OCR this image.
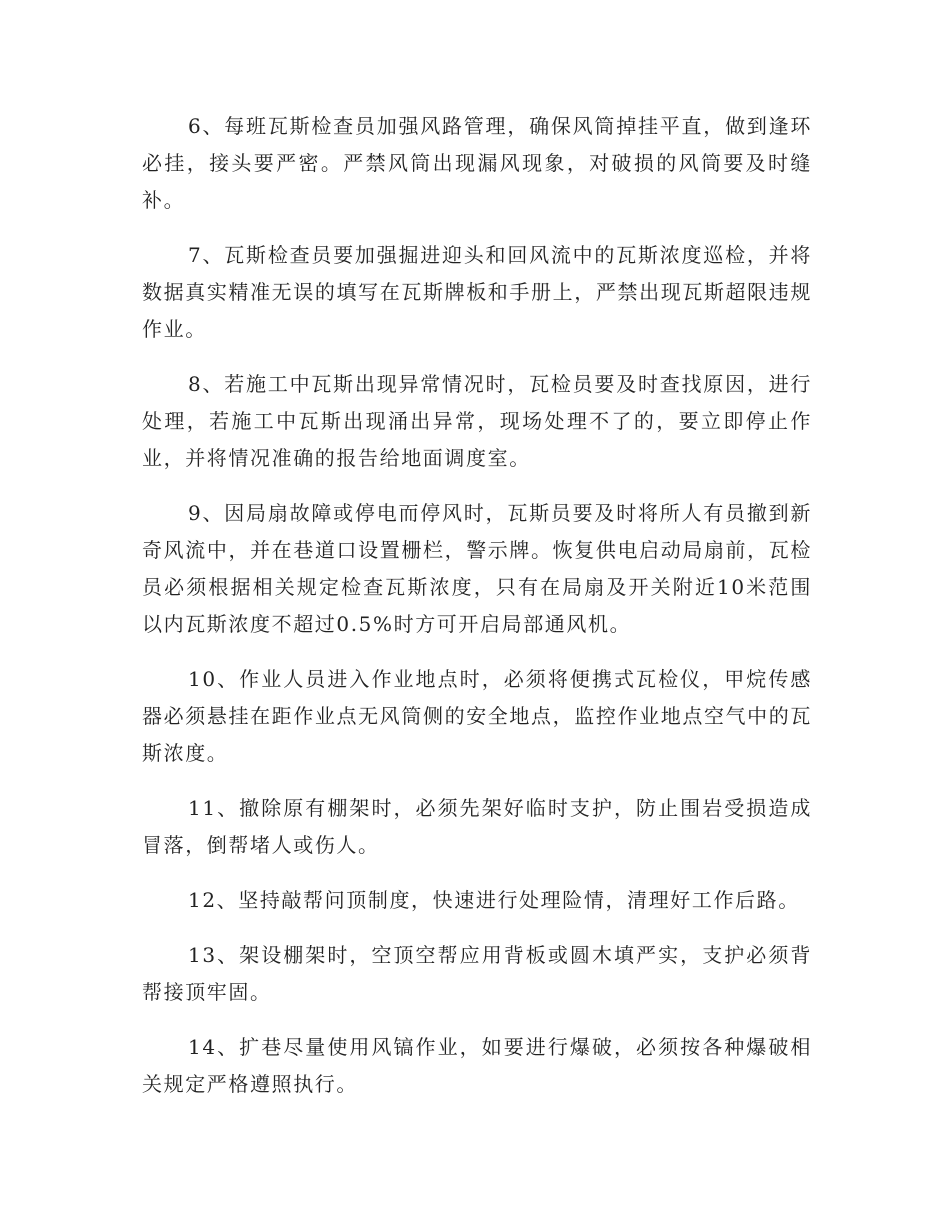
6、每班瓦斯检查员加强风路管理，确保风筒掉挂平直，做到逢环必挂，接头要严密。严禁风筒出现漏风现象，对破损的风筒要及时缝补。

7、瓦斯检查员要加强掘进迎头和回风流中的瓦斯浓度巡检，并将数据真实精准无误的填写在瓦斯牌板和手册上，严禁出现瓦斯超限违规作业。

8、若施工中瓦斯出现异常情况时，瓦检员要及时查找原因，进行处理，若施工中瓦斯出现涌出异常，现场处理不了的，要立即停止作业，并将情况准确的报告给地面调度室。

9、因局扇故障或停电而停风时，瓦斯员要及时将所人有员撤到新奇风流中，并在巷道口设置栅栏，警示牌。恢复供电启动局扇前，瓦检员必须根据相关规定检查瓦斯浓度，只有在局扇及开关附近10米范围以内瓦斯浓度不超过0.5%时方可开启局部通风机。

10、作业人员进入作业地点时，必须将便携式瓦检仪，甲烷传感器必须悬挂在距作业点无风筒侧的安全地点，监控作业地点空气中的瓦斯浓度。

11、撤除原有棚架时，必须先架好临时支护，防止围岩受损造成冒落，倒帮堵人或伤人。

12、坚持敲帮问顶制度，快速进行处理险情，清理好工作后路。

13、架设棚架时，空顶空帮应用背板或圆木填严实，支护必须背帮接顶牢固。

14、扩巷尽量使用风镐作业，如要进行爆破，必须按各种爆破相关规定严格遵照执行。
